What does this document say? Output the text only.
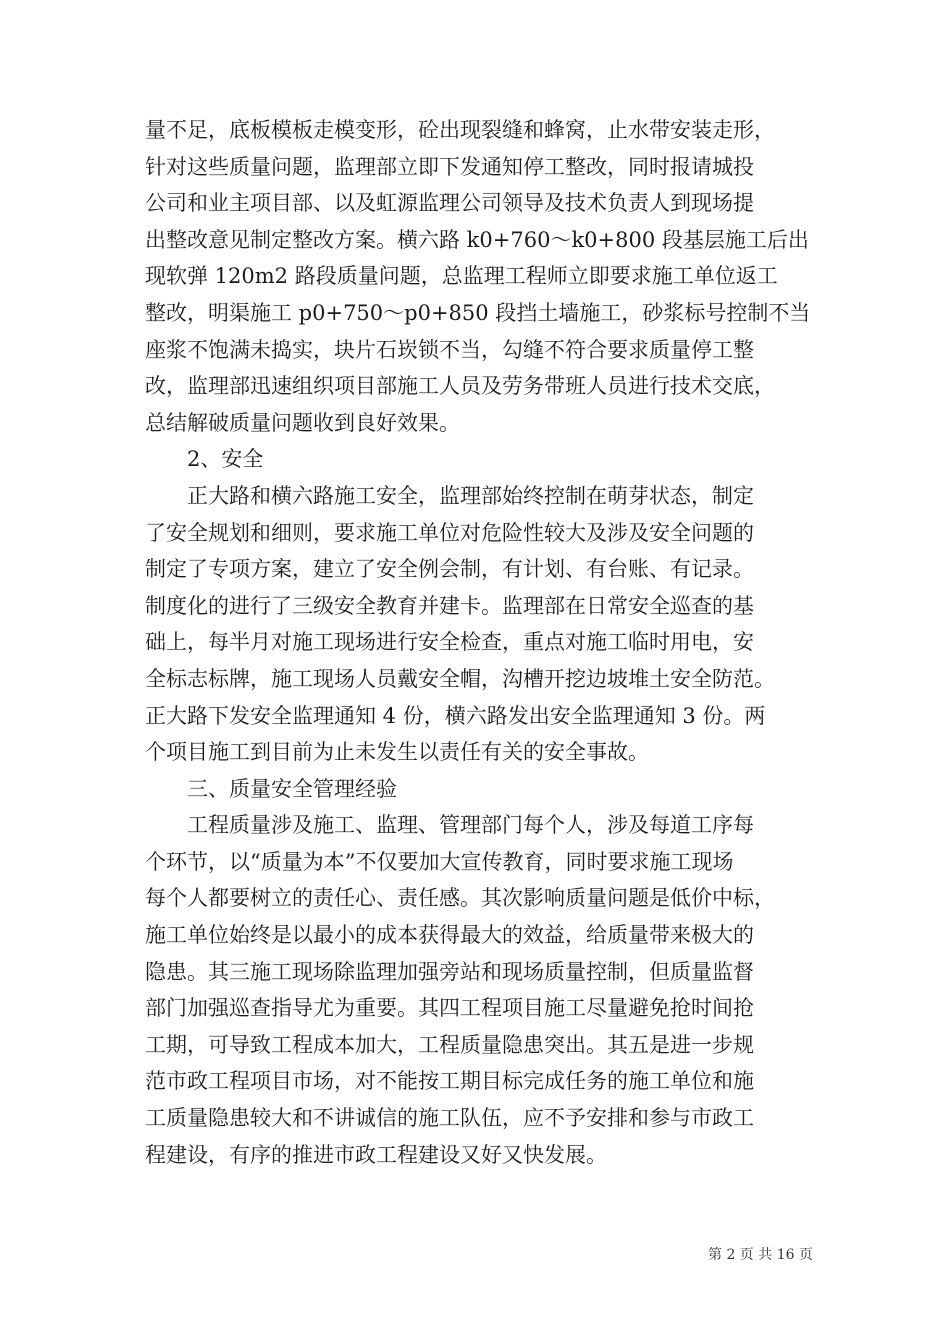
量不足，底板模板走模变形，砼出现裂缝和蜂窝，止水带安装走形，
针对这些质量问题，监理部立即下发通知停工整改，同时报请城投
公司和业主项目部、以及虹源监理公司领导及技术负责人到现场提
出整改意见制定整改方案。横六路 k0+760～k0+800 段基层施工后出
现软弹 120m2 路段质量问题，总监理工程师立即要求施工单位返工
整改，明渠施工 p0+750～p0+850 段挡土墙施工，砂浆标号控制不当
座浆不饱满未捣实，块片石崁锁不当，勾缝不符合要求质量停工整
改，监理部迅速组织项目部施工人员及劳务带班人员进行技术交底，
总结解破质量问题收到良好效果。
2、安全
正大路和横六路施工安全，监理部始终控制在萌芽状态，制定
了安全规划和细则，要求施工单位对危险性较大及涉及安全问题的
制定了专项方案，建立了安全例会制，有计划、有台账、有记录。
制度化的进行了三级安全教育并建卡。监理部在日常安全巡查的基
础上，每半月对施工现场进行安全检查，重点对施工临时用电，安
全标志标牌，施工现场人员戴安全帽，沟槽开挖边坡堆土安全防范。
正大路下发安全监理通知 4 份，横六路发出安全监理通知 3 份。两
个项目施工到目前为止未发生以责任有关的安全事故。
三、质量安全管理经验
工程质量涉及施工、监理、管理部门每个人，涉及每道工序每
个环节，以“质量为本”不仅要加大宣传教育，同时要求施工现场
每个人都要树立的责任心、责任感。其次影响质量问题是低价中标，
施工单位始终是以最小的成本获得最大的效益，给质量带来极大的
隐患。其三施工现场除监理加强旁站和现场质量控制，但质量监督
部门加强巡查指导尤为重要。其四工程项目施工尽量避免抢时间抢
工期，可导致工程成本加大，工程质量隐患突出。其五是进一步规
范市政工程项目市场，对不能按工期目标完成任务的施工单位和施
工质量隐患较大和不讲诚信的施工队伍，应不予安排和参与市政工
程建设，有序的推进市政工程建设又好又快发展。
第 2 页 共 16 页
